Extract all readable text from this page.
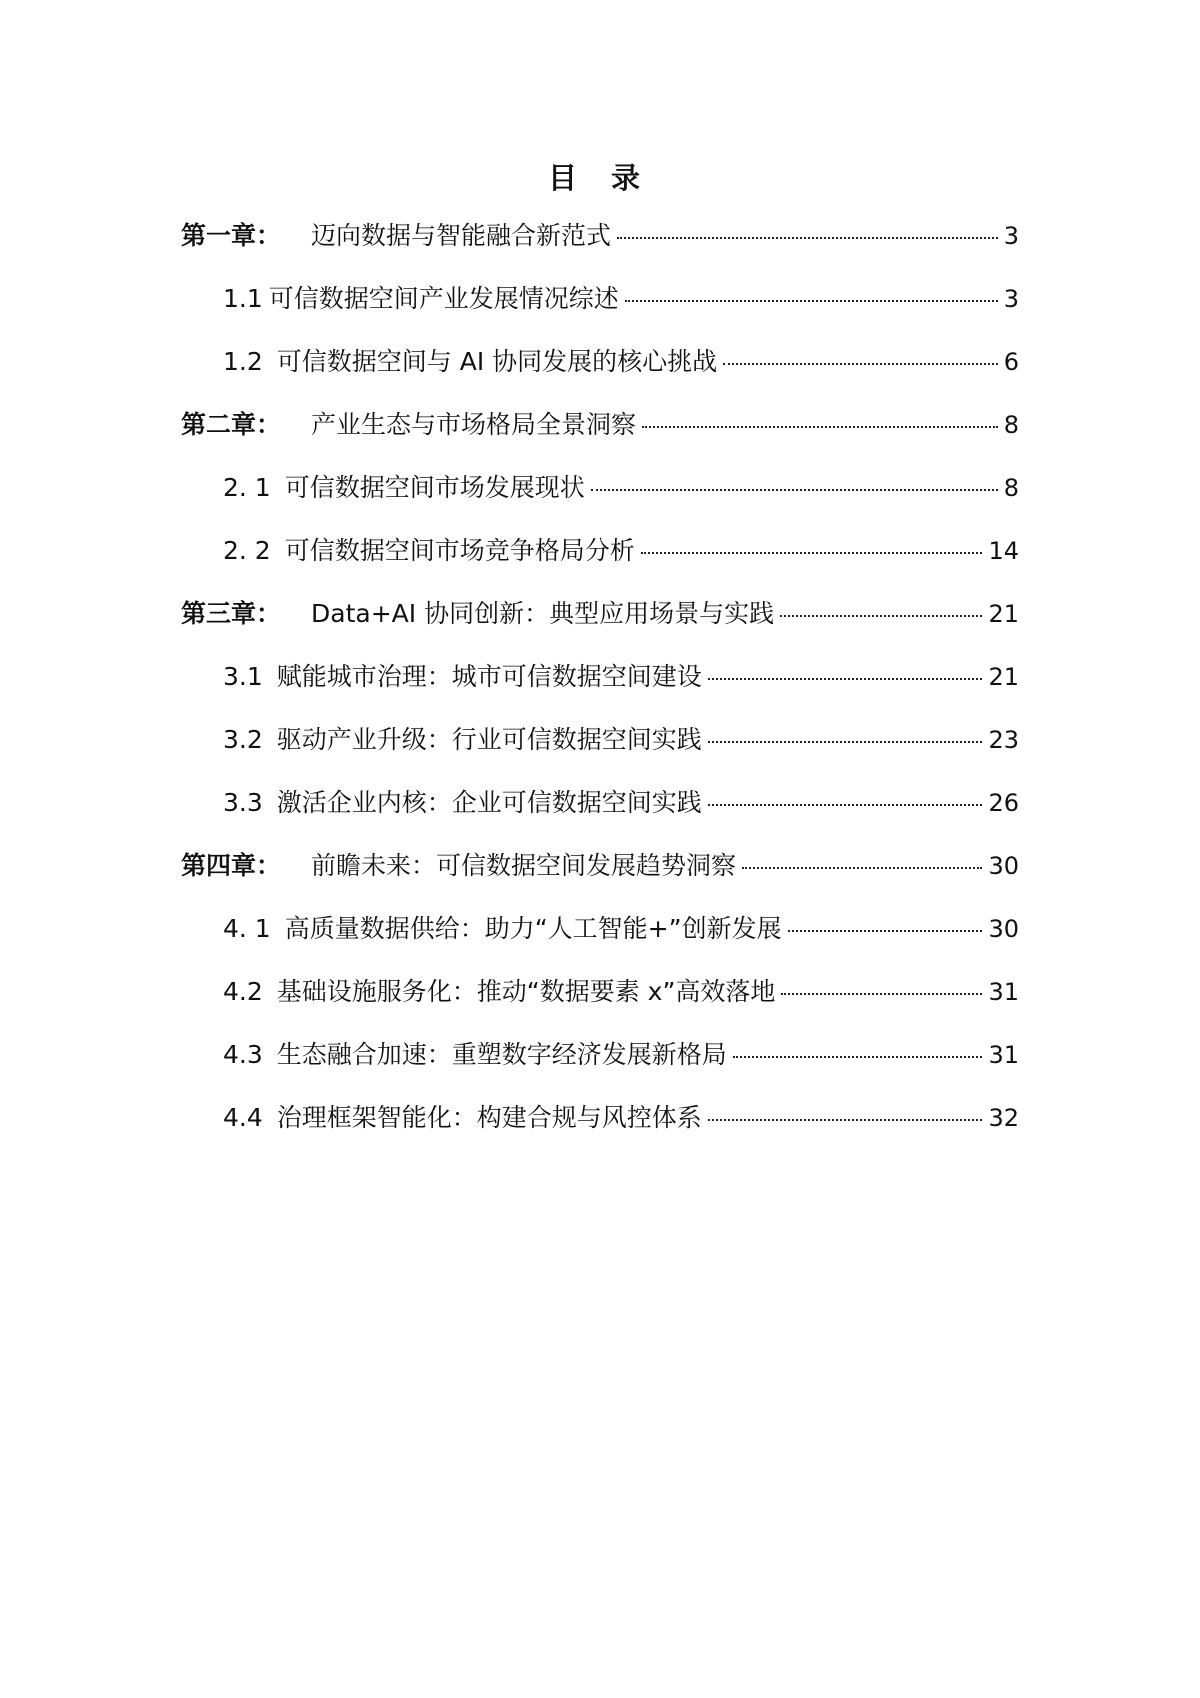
目 录
第一章： 迈向数据与智能融合新范式	3
1.1 可信数据空间产业发展情况综述	3
1.2 可信数据空间与 AI 协同发展的核心挑战	6
第二章： 产业生态与市场格局全景洞察	8
2. 1 可信数据空间市场发展现状	8
2. 2 可信数据空间市场竞争格局分析	14
第三章： Data+AI 协同创新：典型应用场景与实践	21
3.1 赋能城市治理：城市可信数据空间建设	21
3.2 驱动产业升级：行业可信数据空间实践	23
3.3 激活企业内核：企业可信数据空间实践	26
第四章： 前瞻未来：可信数据空间发展趋势洞察	30
4. 1 高质量数据供给：助力“人工智能+”创新发展	30
4.2 基础设施服务化：推动“数据要素 x”高效落地	31
4.3 生态融合加速：重塑数字经济发展新格局	31
4.4 治理框架智能化：构建合规与风控体系	32
